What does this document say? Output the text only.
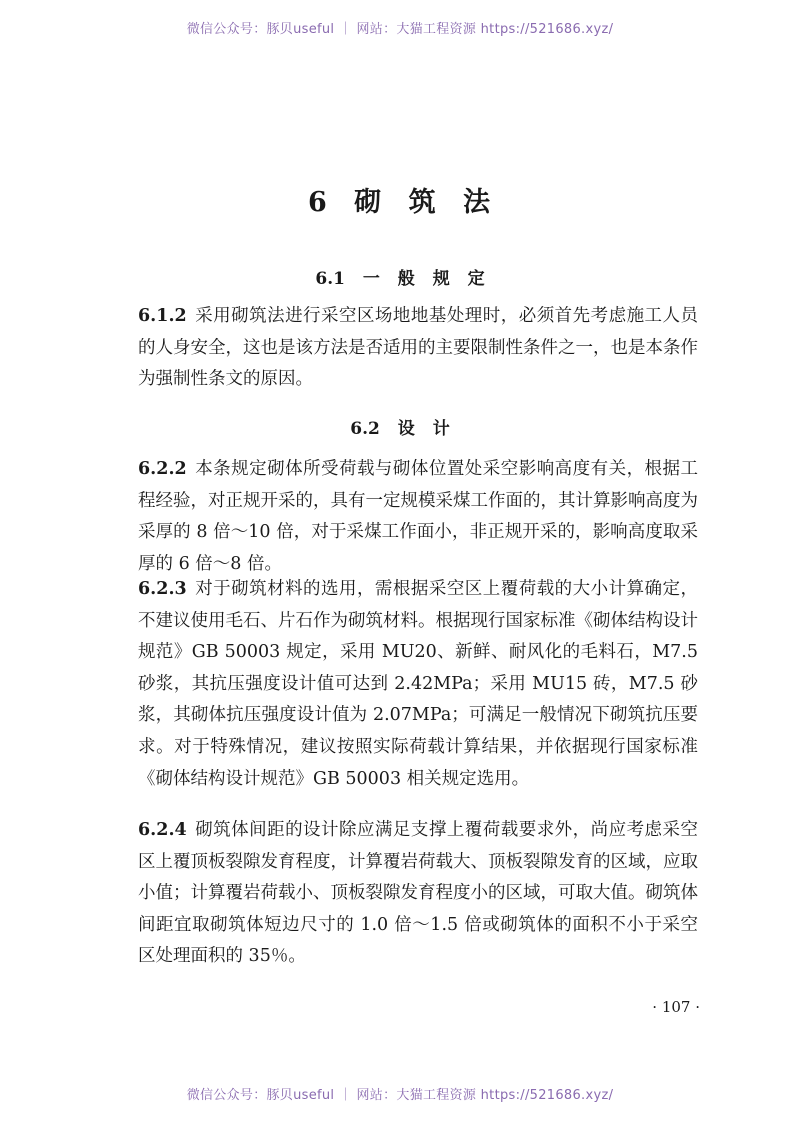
微信公众号：豚贝useful ｜ 网站：大猫工程资源 https://521686.xyz/
6 砌 筑 法
6.1 一 般 规 定

6.1.2 采用砌筑法进行采空区场地地基处理时，必须首先考虑施工人员的人身安全，这也是该方法是否适用的主要限制性条件之一，也是本条作为强制性条文的原因。

6.2 设 计

6.2.2 本条规定砌体所受荷载与砌体位置处采空影响高度有关，根据工程经验，对正规开采的，具有一定规模采煤工作面的，其计算影响高度为采厚的 8 倍～10 倍，对于采煤工作面小，非正规开采的，影响高度取采厚的 6 倍～8 倍。

6.2.3 对于砌筑材料的选用，需根据采空区上覆荷载的大小计算确定，不建议使用毛石、片石作为砌筑材料。根据现行国家标准《砌体结构设计规范》GB 50003 规定，采用 MU20、新鲜、耐风化的毛料石，M7.5 砂浆，其抗压强度设计值可达到 2.42MPa；采用 MU15 砖，M7.5 砂浆，其砌体抗压强度设计值为 2.07MPa；可满足一般情况下砌筑抗压要求。对于特殊情况，建议按照实际荷载计算结果，并依据现行国家标准《砌体结构设计规范》GB 50003 相关规定选用。

6.2.4 砌筑体间距的设计除应满足支撑上覆荷载要求外，尚应考虑采空区上覆顶板裂隙发育程度，计算覆岩荷载大、顶板裂隙发育的区域，应取小值；计算覆岩荷载小、顶板裂隙发育程度小的区域，可取大值。砌筑体间距宜取砌筑体短边尺寸的 1.0 倍～1.5 倍或砌筑体的面积不小于采空区处理面积的 35％。

· 107 ·
微信公众号：豚贝useful ｜ 网站：大猫工程资源 https://521686.xyz/
